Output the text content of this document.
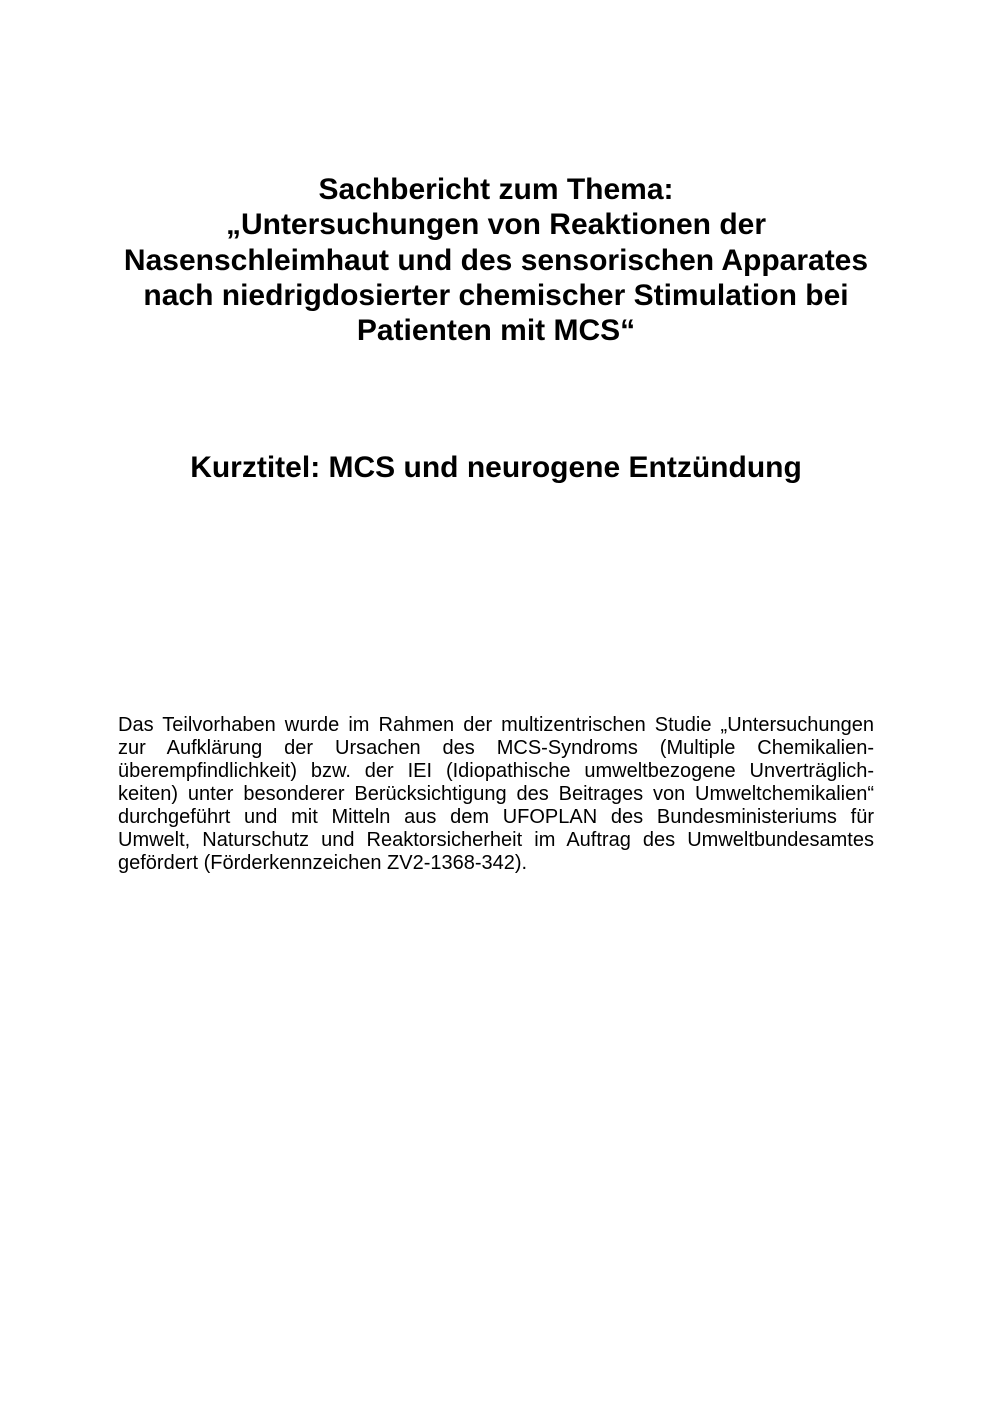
Sachbericht zum Thema:
„Untersuchungen von Reaktionen der
Nasenschleimhaut und des sensorischen Apparates
nach niedrigdosierter chemischer Stimulation bei
Patienten mit MCS“
Kurztitel: MCS und neurogene Entzündung
Das Teilvorhaben wurde im Rahmen der multizentrischen Studie „Untersuchungen
zur Aufklärung der Ursachen des MCS-Syndroms (Multiple Chemikalien-
überempfindlichkeit) bzw. der IEI (Idiopathische umweltbezogene Unverträglich-
keiten) unter besonderer Berücksichtigung des Beitrages von Umweltchemikalien“
durchgeführt und mit Mitteln aus dem UFOPLAN des Bundesministeriums für
Umwelt, Naturschutz und Reaktorsicherheit im Auftrag des Umweltbundesamtes
gefördert (Förderkennzeichen ZV2-1368-342).
